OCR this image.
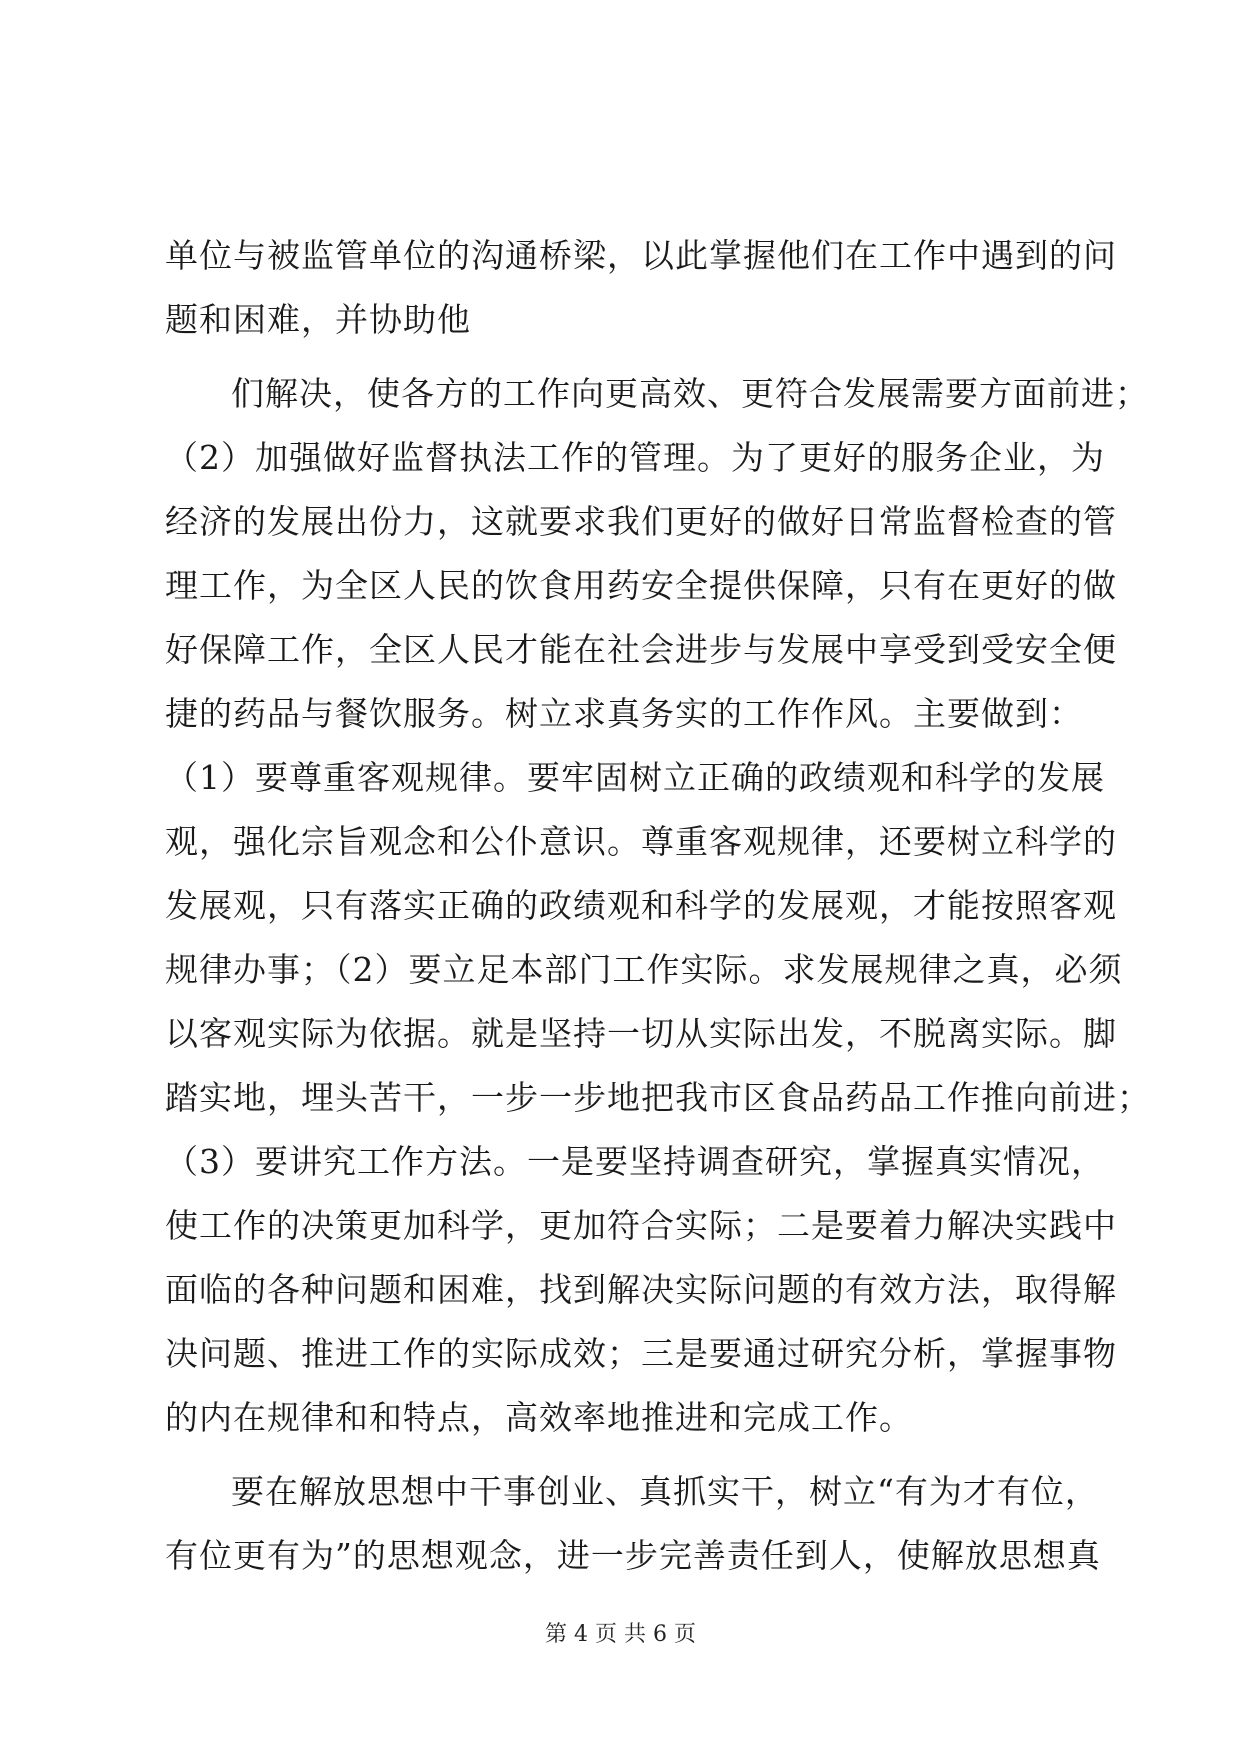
单位与被监管单位的沟通桥梁，以此掌握他们在工作中遇到的问
题和困难，并协助他
们解决，使各方的工作向更高效、更符合发展需要方面前进；
（2）加强做好监督执法工作的管理。为了更好的服务企业，为
经济的发展出份力，这就要求我们更好的做好日常监督检查的管
理工作，为全区人民的饮食用药安全提供保障，只有在更好的做
好保障工作，全区人民才能在社会进步与发展中享受到受安全便
捷的药品与餐饮服务。树立求真务实的工作作风。主要做到：
（1）要尊重客观规律。要牢固树立正确的政绩观和科学的发展
观，强化宗旨观念和公仆意识。尊重客观规律，还要树立科学的
发展观，只有落实正确的政绩观和科学的发展观，才能按照客观
规律办事；（2）要立足本部门工作实际。求发展规律之真，必须
以客观实际为依据。就是坚持一切从实际出发，不脱离实际。脚
踏实地，埋头苦干，一步一步地把我市区食品药品工作推向前进；
（3）要讲究工作方法。一是要坚持调查研究，掌握真实情况，
使工作的决策更加科学，更加符合实际；二是要着力解决实践中
面临的各种问题和困难，找到解决实际问题的有效方法，取得解
决问题、推进工作的实际成效；三是要通过研究分析，掌握事物
的内在规律和和特点，高效率地推进和完成工作。
要在解放思想中干事创业、真抓实干，树立“有为才有位，
有位更有为”的思想观念，进一步完善责任到人，使解放思想真
第 4 页 共 6 页
